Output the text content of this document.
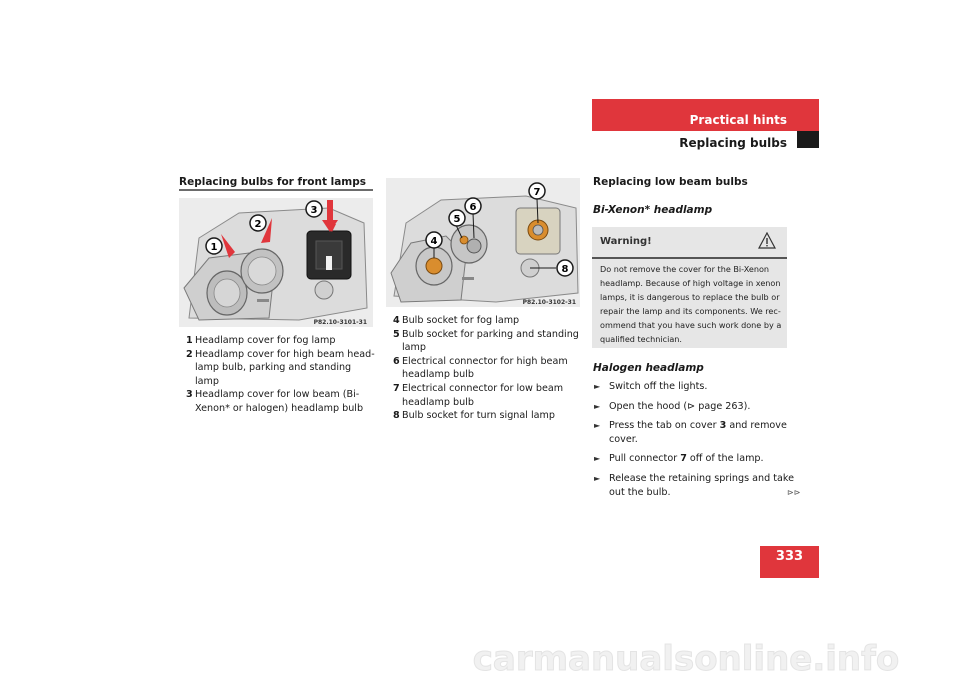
Practical hints
Replacing bulbs
Replacing bulbs for front lamps
1
2
3
P82.10-3101-31
1 Headlamp cover for fog lamp
2 Headlamp cover for high beam head-lamp bulb, parking and standing lamp
3 Headlamp cover for low beam (Bi-Xenon* or halogen) headlamp bulb
4
5
6
7
8
P82.10-3102-31
4 Bulb socket for fog lamp
5 Bulb socket for parking and standing lamp
6 Electrical connector for high beam headlamp bulb
7 Electrical connector for low beam headlamp bulb
8 Bulb socket for turn signal lamp
Replacing low beam bulbs
Bi-Xenon* headlamp
Warning!
Do not remove the cover for the Bi-Xenon headlamp. Because of high voltage in xenon lamps, it is dangerous to replace the bulb or repair the lamp and its components. We rec-ommend that you have such work done by a qualified technician.
Halogen headlamp
► Switch off the lights.
► Open the hood (⊳ page 263).
► Press the tab on cover 3 and remove cover.
► Pull connector 7 off of the lamp.
► Release the retaining springs and take out the bulb.	⊳⊳
333
carmanualsonline.info
